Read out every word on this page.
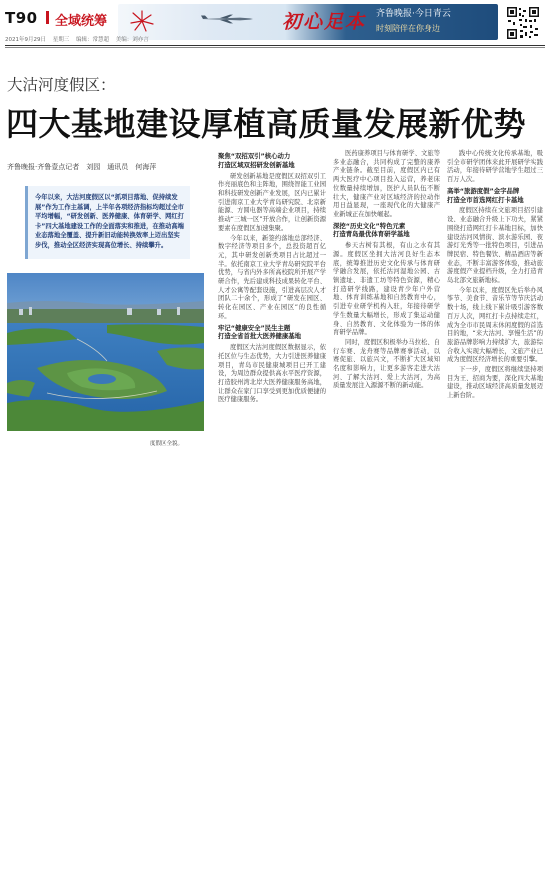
T90 全域统筹	初心足本 齐鲁晚报·今日青云
时刻陪伴在你身边
2021年9月29日 星期三 编辑：常慧超 美编：刘亦言
大沽河度假区：
四大基地建设厚植高质量发展新优势
齐鲁晚报·齐鲁壹点记者　刘园　通讯员　何海萍

今年以来，大沽河度假区以“抓项目落地、促持续发展”作为工作主基调，上半年各项经济指标均超过全市平均增幅，“研发创新、医养健康、体育研学、网红打卡”四大基地建设工作的全面落实和推进，在推动高端业态落地全覆盖、提升新旧动能转换效率上迈出坚实步伐，推动全区经济实现高位增长、持续攀升。

度假区全貌。
聚焦“双招双引”核心动力
打造区域双招研发创新基地

研发创新基地是度假区双招双引工作亮丽底色和主阵地，围绕智能工业园和科技研发创新产业发展，区内已累计引进南京工业大学青岛研究院、北京新能源、方圆电器等高端企业项目，持续推动“三城一区”开放合作，让创新资源要素在度假区加速集聚。

今年以来，新签约落地总部经济、数字经济等项目多个，总投资超百亿元，其中研发创新类项目占比超过一半。依托南京工业大学青岛研究院平台优势，与省内外多所高校院所开展产学研合作，先后建成科技成果转化平台、人才公寓等配套设施，引进高层次人才团队二十余个，形成了“研发在园区、转化在园区、产业在园区”的良性循环。

牢记“健康安全”民生主题
打造全省首批大医养健康基地

度假区大沽河度假区数据显示，依托区位与生态优势，大力引进医养健康项目，青岛市民健康城项目已开工建设，为周边群众提供高水平医疗资源，打造胶州湾北岸大医养健康服务高地，让群众在家门口享受到更加优质便捷的医疗健康服务。

医药康养项目与体育研学、文旅等多业态融合，共同构成了完整的康养产业链条。截至目前，度假区内已有两大医疗中心项目投入运营，养老床位数量持续增加，医护人员队伍不断壮大，健康产业对区域经济的拉动作用日益显现，一座现代化的大健康产业新城正在加快崛起。

深挖“历史文化”特色元素
打造青岛最优体育研学基地

参天古树有其根，有山之水有其源。度假区坐拥大沽河良好生态本底，统筹推进历史文化传承与体育研学融合发展，依托沽河湿地公园、古镇遗址、非遗工坊等特色资源，精心打造研学线路，建设青少年户外营地、体育训练基地和自然教育中心，引进专业研学机构入驻，年接待研学学生数量大幅增长，形成了集运动健身、自然教育、文化体验为一体的体育研学品牌。

同时，度假区积极举办马拉松、自行车赛、龙舟赛等品牌赛事活动，以赛促旅、以旅兴文，不断扩大区域知名度和影响力，让更多游客走进大沽河、了解大沽河、爱上大沽河，为高质量发展注入源源不断的新动能。

践中心传统文化传承基地，吸引全市研学团体来此开展研学实践活动，年接待研学营地学生超过三百万人次。

高举“旅游度假”金字品牌
打造全市首选网红打卡基地

度假区持续在文旅项目招引建设、业态融合升级上下功夫，紧紧围绕打造网红打卡基地目标，加快建设沽河风情街、滨水游乐园、夜游灯光秀等一批特色项目，引进品牌民宿、特色餐饮、精品酒店等新业态，不断丰富游客体验，推动旅游度假产业提档升级，全力打造青岛北部文旅新地标。

今年以来，度假区先后举办风筝节、美食节、音乐节等节庆活动数十场，线上线下累计吸引游客数百万人次，网红打卡点持续走红，成为全市市民周末休闲度假的首选目的地，“来大沽河、享慢生活”的旅游品牌影响力持续扩大，旅游综合收入实现大幅增长，文旅产业已成为度假区经济增长的重要引擎。

下一步，度假区将继续坚持项目为王、招商为要，深化四大基地建设，推动区域经济高质量发展迈上新台阶。
